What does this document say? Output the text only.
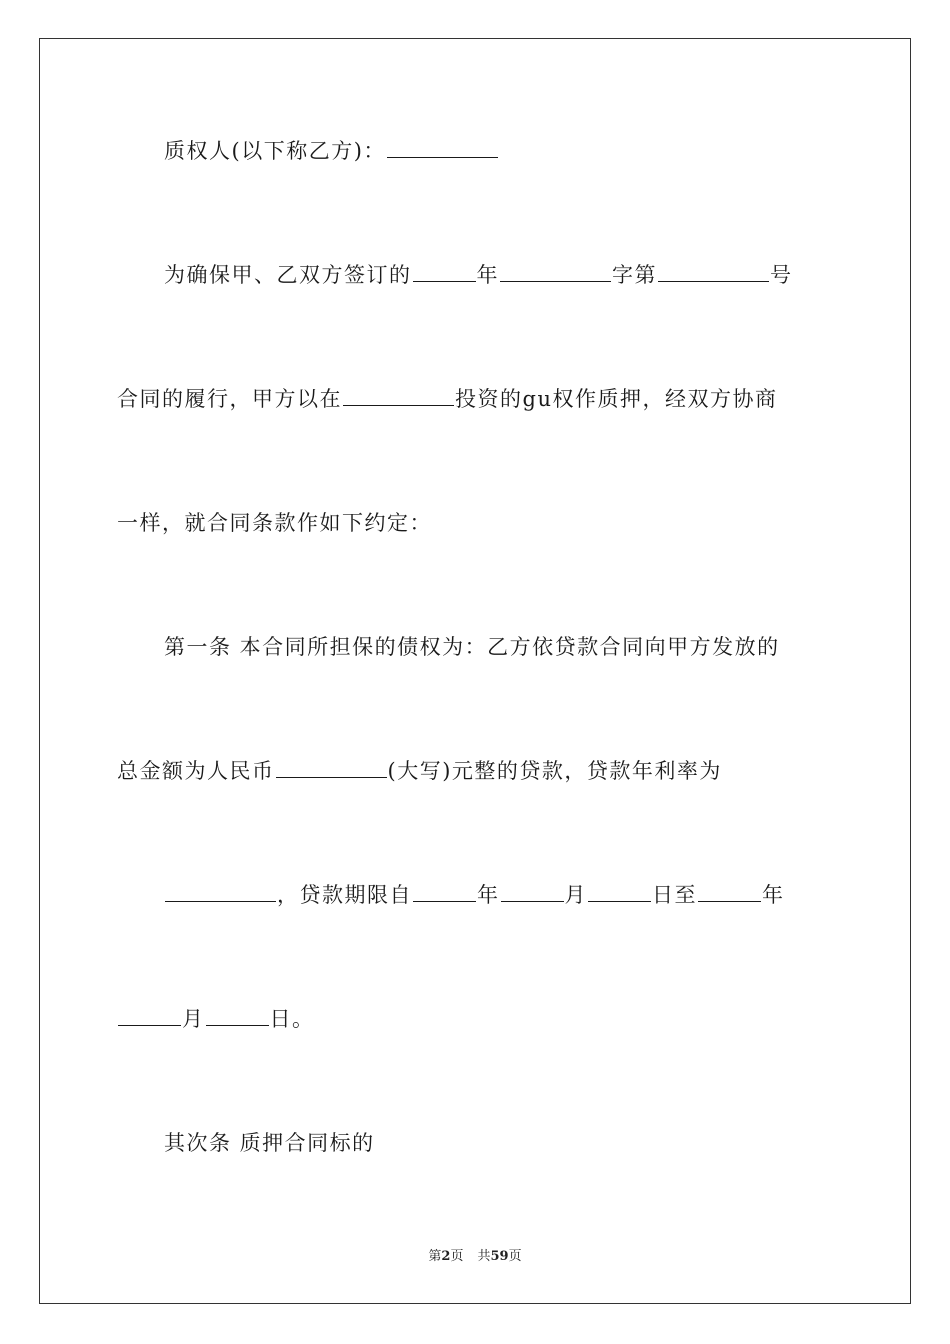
质权人(以下称乙方)：
为确保甲、乙双方签订的	年	字第	号
合同的履行，甲方以在	投资的gu权作质押，经双方协商
一样，就合同条款作如下约定：
第一条 本合同所担保的债权为：乙方依贷款合同向甲方发放的
总金额为人民币	(大写)元整的贷款，贷款年利率为
，贷款期限自	年	月	日至	年
月	日。
其次条 质押合同标的
第2页 共59页
